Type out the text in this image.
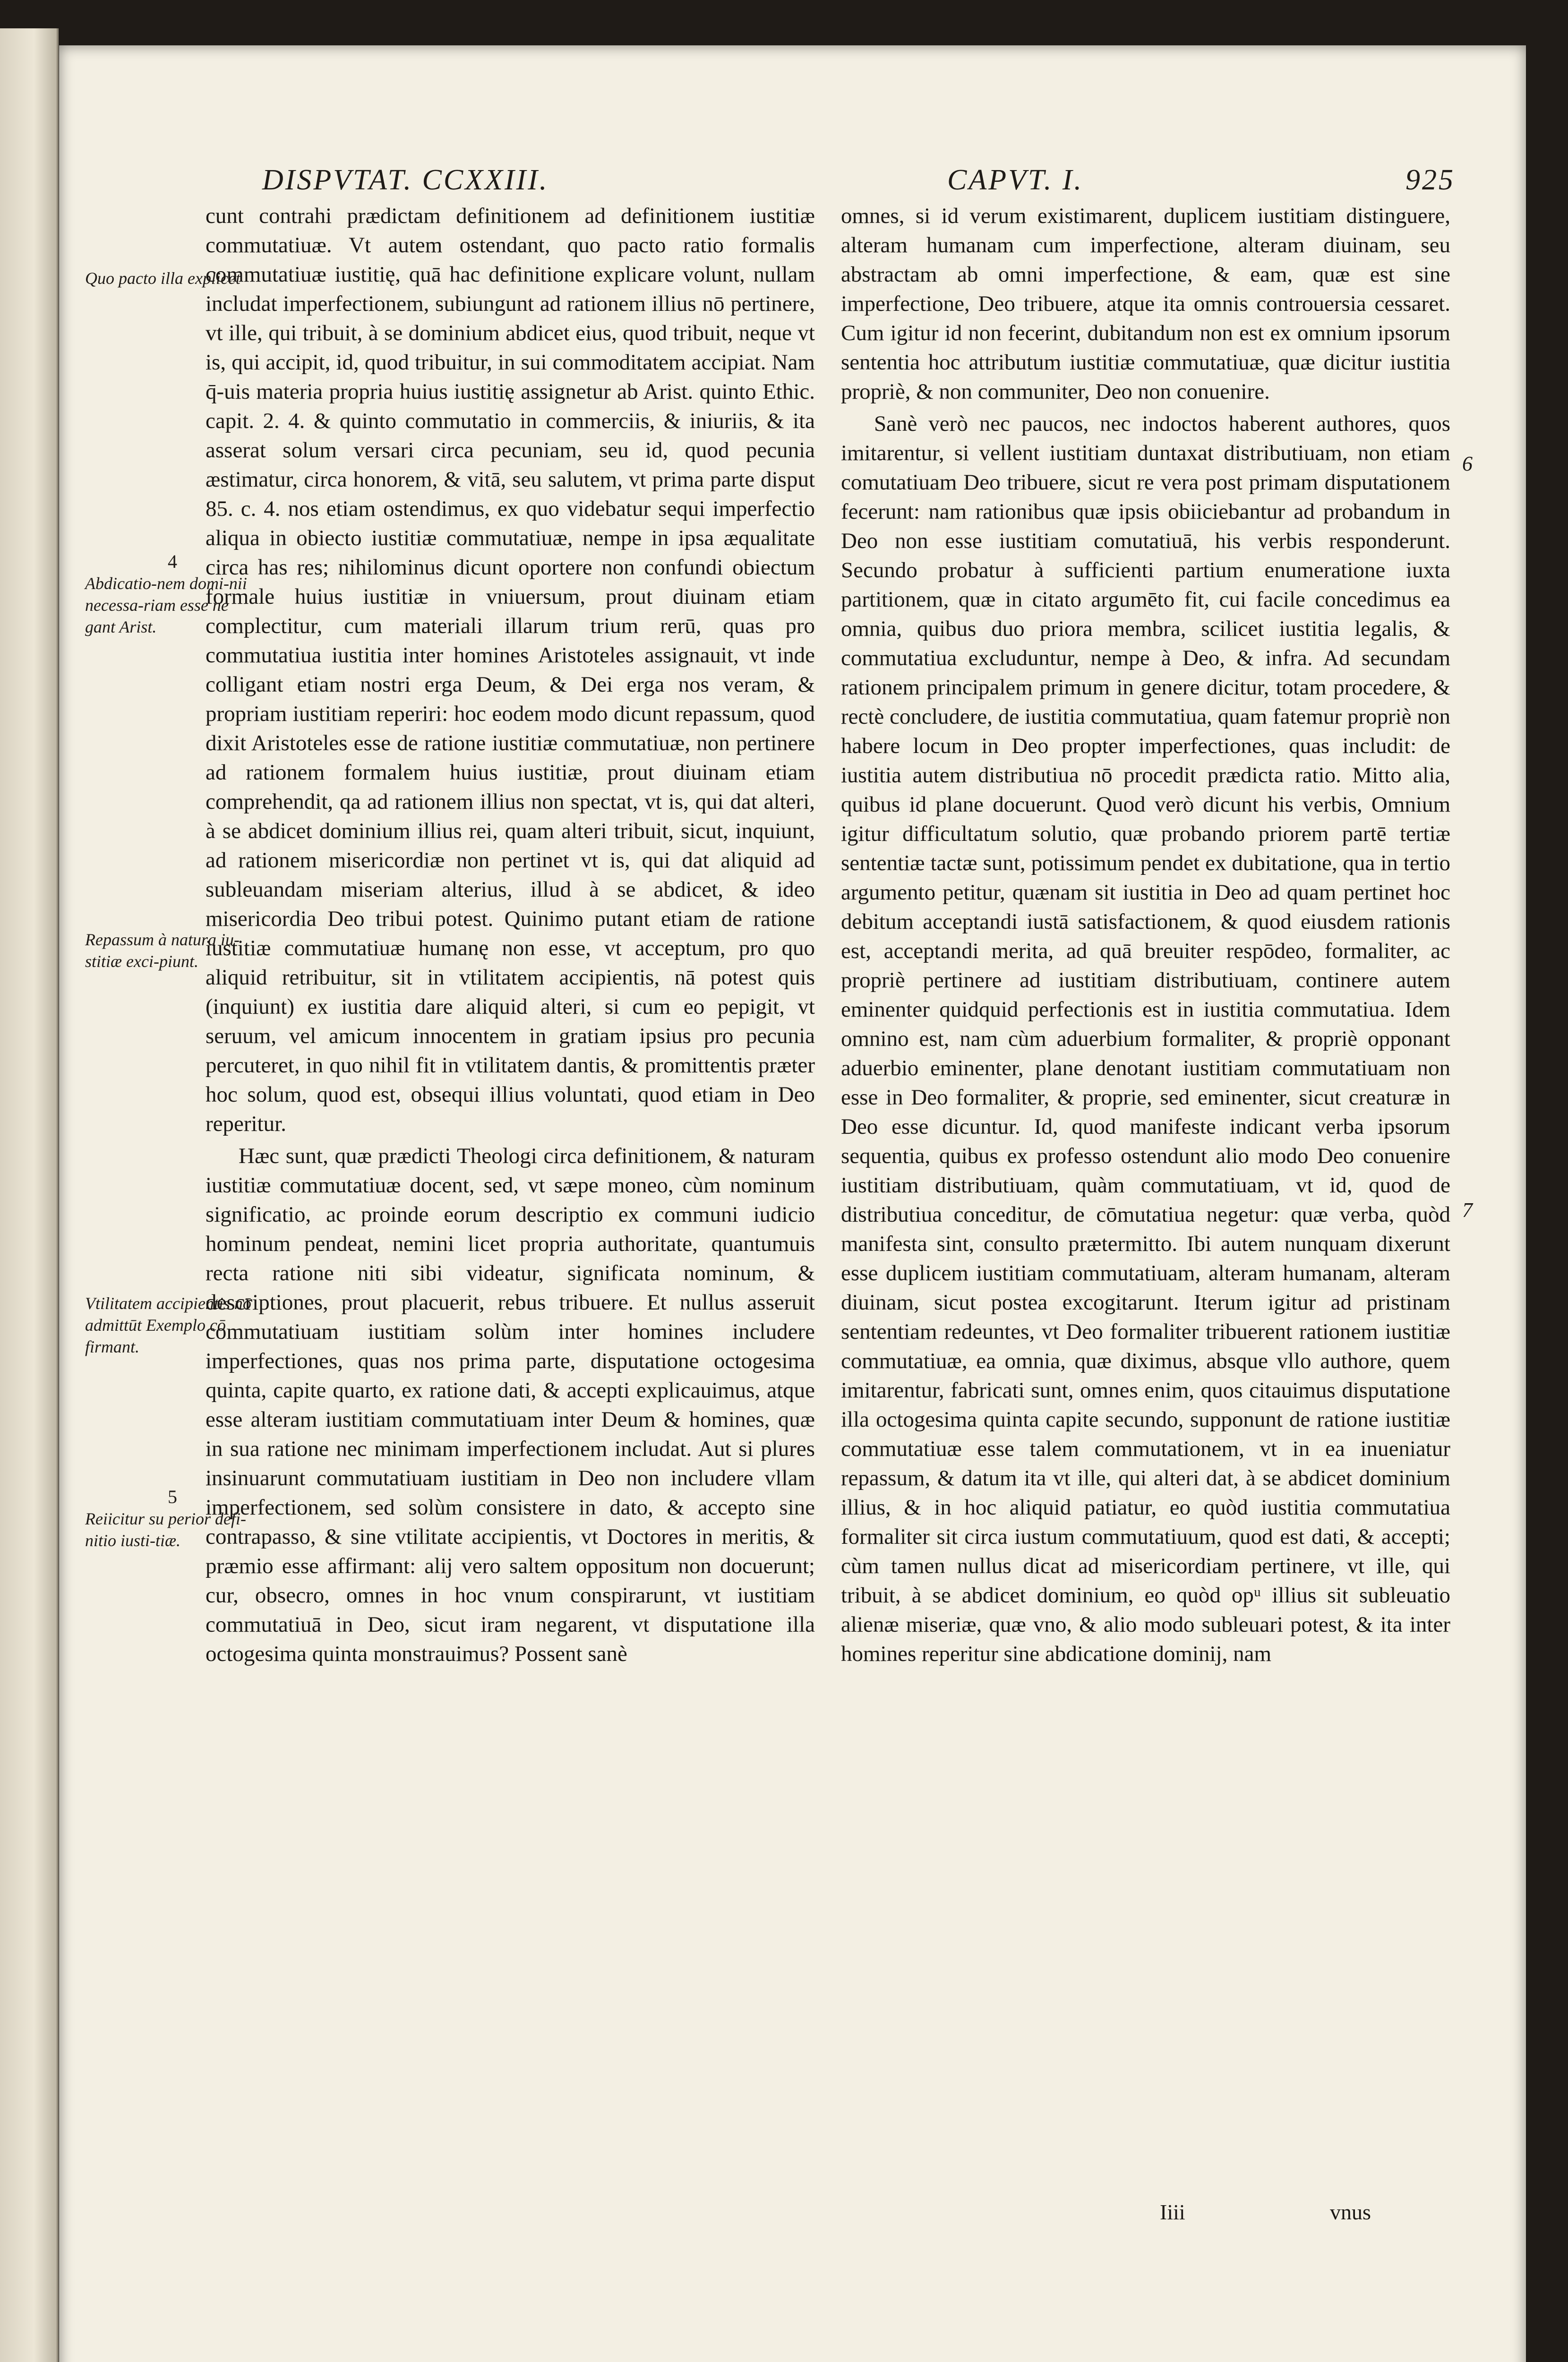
DISPVTAT. CCXXIII.	CAPVT. I.	925
Quo pacto illa explicet
4
Abdicatio-nem domi-nii necessa-riam esse ne gant Arist.
Repassum à natura iu-stitiæ exci-piunt.
Vtilitatem accipientis nō admittūt Exemplo cō firmant.
5
Reiicitur su perior defi-nitio iusti-tiæ.

cunt contrahi prædictam definitionem ad definitionem iustitiæ commutatiuæ. Vt autem ostendant, quo pacto ratio formalis commutatiuæ iustitię, quā hac definitione explicare volunt, nullam includat imperfectionem, subiungunt ad rationem illius nō pertinere, vt ille, qui tribuit, à se dominium abdicet eius, quod tribuit, neque vt is, qui accipit, id, quod tribuitur, in sui commoditatem accipiat. Nam q̄-uis materia propria huius iustitię assignetur ab Arist. quinto Ethic. capit. 2. 4. & quinto commutatio in commerciis, & iniuriis, & ita asserat solum versari circa pecuniam, seu id, quod pecunia æstimatur, circa honorem, & vitā, seu salutem, vt prima parte disput 85. c. 4. nos etiam ostendimus, ex quo videbatur sequi imperfectio aliqua in obiecto iustitiæ commutatiuæ, nempe in ipsa æqualitate circa has res; nihilominus dicunt oportere non confundi obiectum formale huius iustitiæ in vniuersum, prout diuinam etiam complectitur, cum materiali illarum trium rerū, quas pro commutatiua iustitia inter homines Aristoteles assignauit, vt inde colligant etiam nostri erga Deum, & Dei erga nos veram, & propriam iustitiam reperiri: hoc eodem modo dicunt repassum, quod dixit Aristoteles esse de ratione iustitiæ commutatiuæ, non pertinere ad rationem formalem huius iustitiæ, prout diuinam etiam comprehendit, qa ad rationem illius non spectat, vt is, qui dat alteri, à se abdicet dominium illius rei, quam alteri tribuit, sicut, inquiunt, ad rationem misericordiæ non pertinet vt is, qui dat aliquid ad subleuandam miseriam alterius, illud à se abdicet, & ideo misericordia Deo tribui potest. Quinimo putant etiam de ratione iustitiæ commutatiuæ humanę non esse, vt acceptum, pro quo aliquid retribuitur, sit in vtilitatem accipientis, nā potest quis (inquiunt) ex iustitia dare aliquid alteri, si cum eo pepigit, vt seruum, vel amicum innocentem in gratiam ipsius pro pecunia percuteret, in quo nihil fit in vtilitatem dantis, & promittentis præter hoc solum, quod est, obsequi illius voluntati, quod etiam in Deo reperitur.

Hæc sunt, quæ prædicti Theologi circa definitionem, & naturam iustitiæ commutatiuæ docent, sed, vt sæpe moneo, cùm nominum significatio, ac proinde eorum descriptio ex communi iudicio hominum pendeat, nemini licet propria authoritate, quantumuis recta ratione niti sibi videatur, significata nominum, & descriptiones, prout placuerit, rebus tribuere. Et nullus asseruit commutatiuam iustitiam solùm inter homines includere imperfectiones, quas nos prima parte, disputatione octogesima quinta, capite quarto, ex ratione dati, & accepti explicauimus, atque esse alteram iustitiam commutatiuam inter Deum & homines, quæ in sua ratione nec minimam imperfectionem includat. Aut si plures insinuarunt commutatiuam iustitiam in Deo non includere vllam imperfectionem, sed solùm consistere in dato, & accepto sine contrapasso, & sine vtilitate accipientis, vt Doctores in meritis, & præmio esse affirmant: alij vero saltem oppositum non docuerunt; cur, obsecro, omnes in hoc vnum conspirarunt, vt iustitiam commutatiuā in Deo, sicut iram negarent, vt disputatione illa octogesima quinta monstrauimus? Possent sanè

omnes, si id verum existimarent, duplicem iustitiam distinguere, alteram humanam cum imperfectione, alteram diuinam, seu abstractam ab omni imperfectione, & eam, quæ est sine imperfectione, Deo tribuere, atque ita omnis controuersia cessaret. Cum igitur id non fecerint, dubitandum non est ex omnium ipsorum sententia hoc attributum iustitiæ commutatiuæ, quæ dicitur iustitia propriè, & non communiter, Deo non conuenire.

Sanè verò nec paucos, nec indoctos haberent authores, quos imitarentur, si vellent iustitiam duntaxat distributiuam, non etiam comutatiuam Deo tribuere, sicut re vera post primam disputationem fecerunt: nam rationibus quæ ipsis obiiciebantur ad probandum in Deo non esse iustitiam comutatiuā, his verbis responderunt. Secundo probatur à sufficienti partium enumeratione iuxta partitionem, quæ in citato argumēto fit, cui facile concedimus ea omnia, quibus duo priora membra, scilicet iustitia legalis, & commutatiua excluduntur, nempe à Deo, & infra. Ad secundam rationem principalem primum in genere dicitur, totam procedere, & rectè concludere, de iustitia commutatiua, quam fatemur propriè non habere locum in Deo propter imperfectiones, quas includit: de iustitia autem distributiua nō procedit prædicta ratio. Mitto alia, quibus id plane docuerunt. Quod verò dicunt his verbis, Omnium igitur difficultatum solutio, quæ probando priorem partē tertiæ sententiæ tactæ sunt, potissimum pendet ex dubitatione, qua in tertio argumento petitur, quænam sit iustitia in Deo ad quam pertinet hoc debitum acceptandi iustā satisfactionem, & quod eiusdem rationis est, acceptandi merita, ad quā breuiter respōdeo, formaliter, ac propriè pertinere ad iustitiam distributiuam, continere autem eminenter quidquid perfectionis est in iustitia commutatiua. Idem omnino est, nam cùm aduerbium formaliter, & propriè opponant aduerbio eminenter, plane denotant iustitiam commutatiuam non esse in Deo formaliter, & proprie, sed eminenter, sicut creaturæ in Deo esse dicuntur. Id, quod manifeste indicant verba ipsorum sequentia, quibus ex professo ostendunt alio modo Deo conuenire iustitiam distributiuam, quàm commutatiuam, vt id, quod de distributiua conceditur, de cōmutatiua negetur: quæ verba, quòd manifesta sint, consulto prætermitto. Ibi autem nunquam dixerunt esse duplicem iustitiam commutatiuam, alteram humanam, alteram diuinam, sicut postea excogitarunt. Iterum igitur ad pristinam sententiam redeuntes, vt Deo formaliter tribuerent rationem iustitiæ commutatiuæ, ea omnia, quæ diximus, absque vllo authore, quem imitarentur, fabricati sunt, omnes enim, quos citauimus disputatione illa octogesima quinta capite secundo, supponunt de ratione iustitiæ commutatiuæ esse talem commutationem, vt in ea inueniatur repassum, & datum ita vt ille, qui alteri dat, à se abdicet dominium illius, & in hoc aliquid patiatur, eo quòd iustitia commutatiua formaliter sit circa iustum commutatiuum, quod est dati, & accepti; cùm tamen nullus dicat ad misericordiam pertinere, vt ille, qui tribuit, à se abdicet dominium, eo quòd opᵘ illius sit subleuatio alienæ miseriæ, quæ vno, & alio modo subleuari potest, & ita inter homines reperitur sine abdicatione dominij, nam

6
7
Iiii	vnus
